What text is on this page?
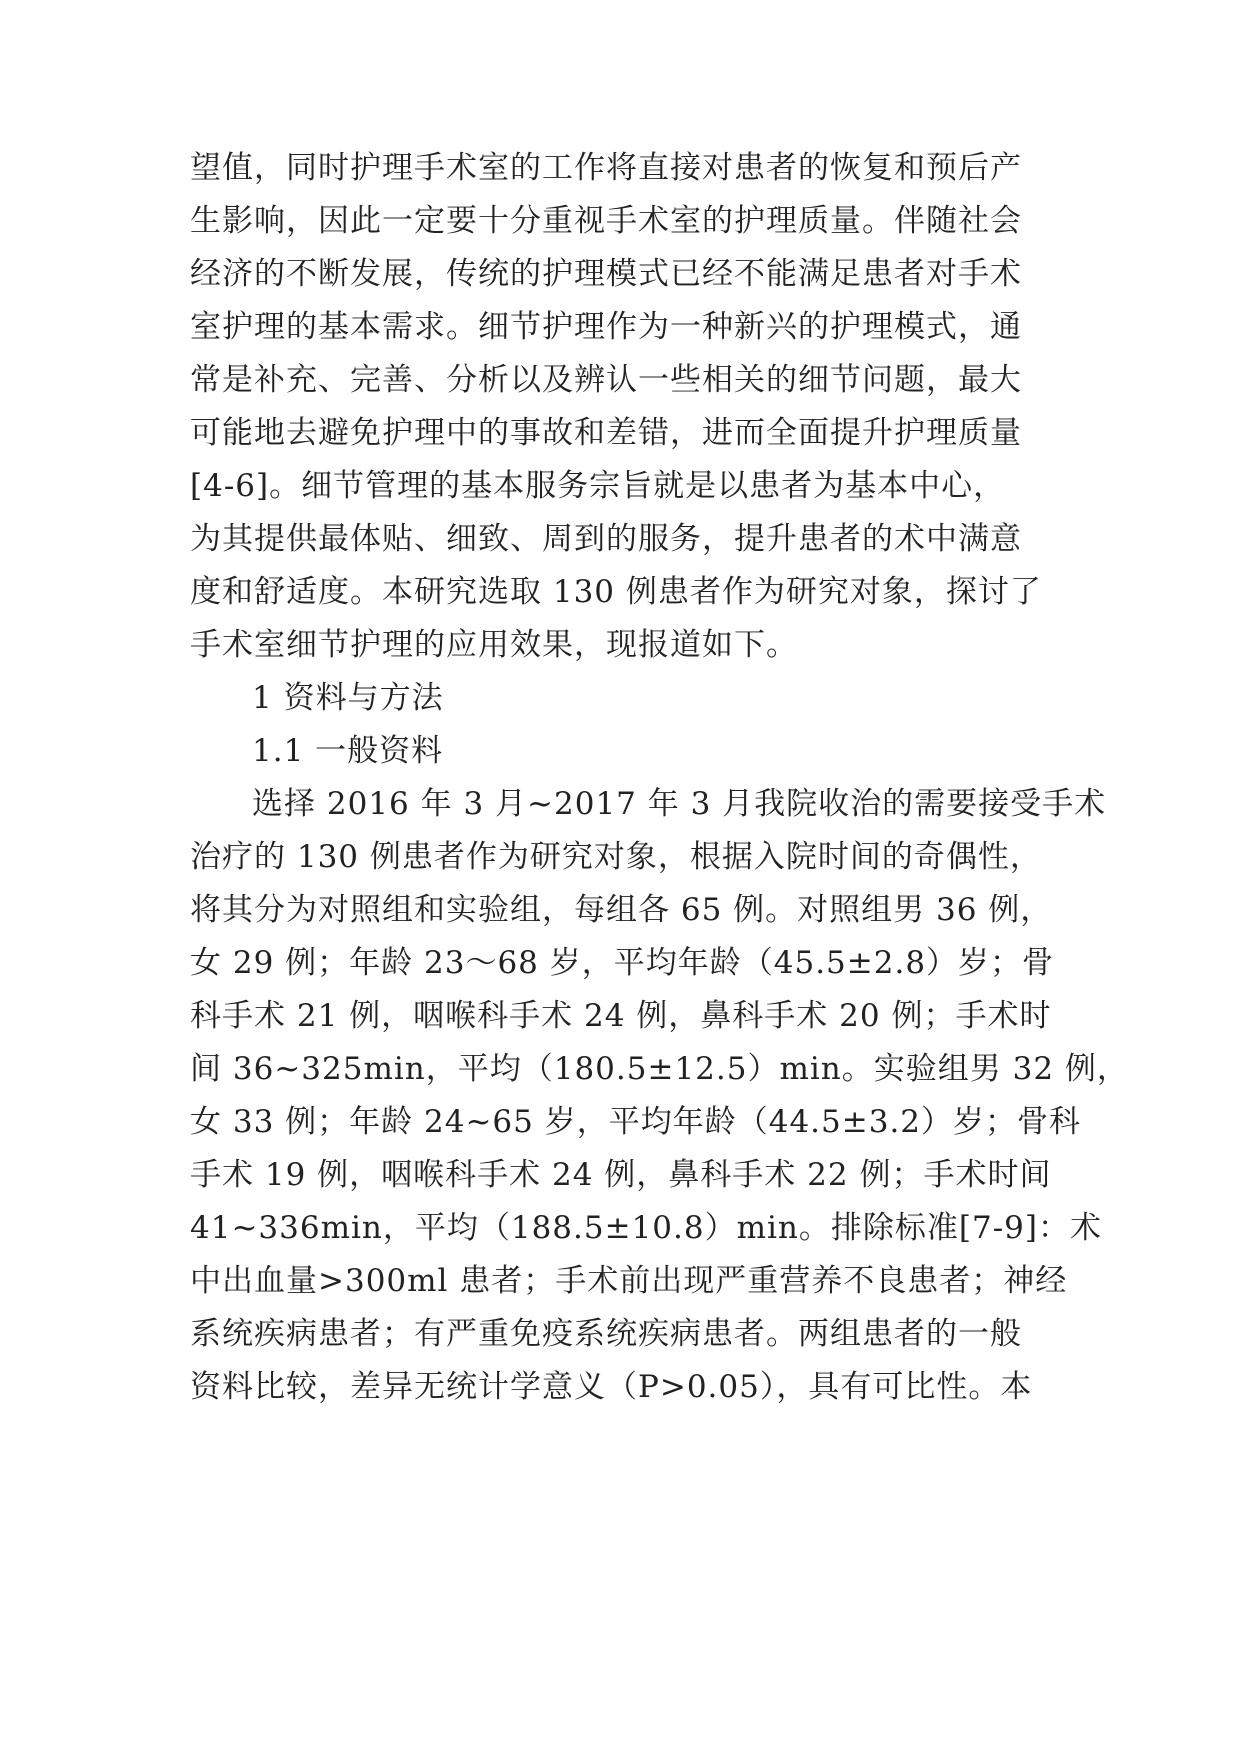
望值，同时护理手术室的工作将直接对患者的恢复和预后产
生影响，因此一定要十分重视手术室的护理质量。伴随社会
经济的不断发展，传统的护理模式已经不能满足患者对手术
室护理的基本需求。细节护理作为一种新兴的护理模式，通
常是补充、完善、分析以及辨认一些相关的细节问题，最大
可能地去避免护理中的事故和差错，进而全面提升护理质量
[4-6]。细节管理的基本服务宗旨就是以患者为基本中心，
为其提供最体贴、细致、周到的服务，提升患者的术中满意
度和舒适度。本研究选取 130 例患者作为研究对象，探讨了
手术室细节护理的应用效果，现报道如下。
1 资料与方法
1.1 一般资料
选择 2016 年 3 月~2017 年 3 月我院收治的需要接受手术
治疗的 130 例患者作为研究对象，根据入院时间的奇偶性，
将其分为对照组和实验组，每组各 65 例。对照组男 36 例，
女 29 例；年龄 23～68 岁，平均年龄（45.5±2.8）岁；骨
科手术 21 例，咽喉科手术 24 例，鼻科手术 20 例；手术时
间 36~325min，平均（180.5±12.5）min。实验组男 32 例，
女 33 例；年龄 24~65 岁，平均年龄（44.5±3.2）岁；骨科
手术 19 例，咽喉科手术 24 例，鼻科手术 22 例；手术时间
41~336min，平均（188.5±10.8）min。排除标准[7-9]：术
中出血量>300ml 患者；手术前出现严重营养不良患者；神经
系统疾病患者；有严重免疫系统疾病患者。两组患者的一般
资料比较，差异无统计学意义（P>0.05），具有可比性。本
